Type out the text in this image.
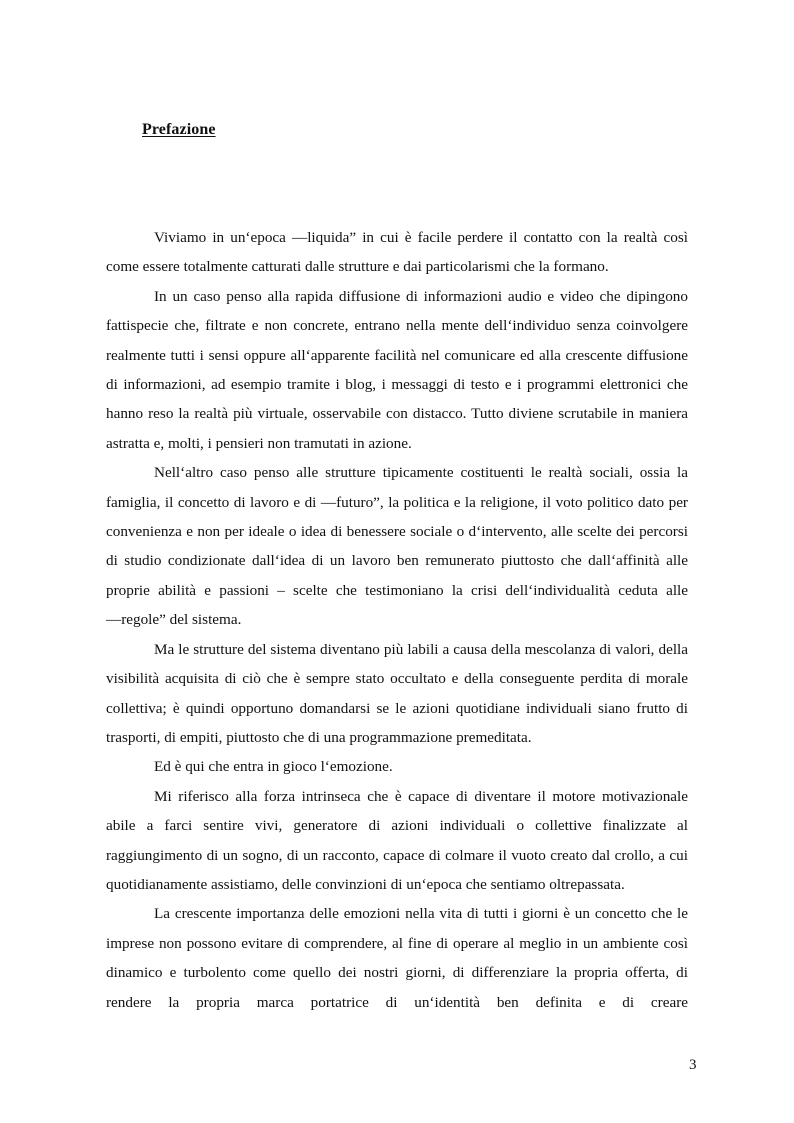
Prefazione

Viviamo in un‘epoca ―liquida” in cui è facile perdere il contatto con la realtà così come essere totalmente catturati dalle strutture e dai particolarismi che la formano.

In un caso penso alla rapida diffusione di informazioni audio e video che dipingono fattispecie che, filtrate e non concrete, entrano nella mente dell‘individuo senza coinvolgere realmente tutti i sensi oppure all‘apparente facilità nel comunicare ed alla crescente diffusione di informazioni, ad esempio tramite i blog, i messaggi di testo e i programmi elettronici che hanno reso la realtà più virtuale, osservabile con distacco. Tutto diviene scrutabile in maniera astratta e, molti, i pensieri non tramutati in azione.

Nell‘altro caso penso alle strutture tipicamente costituenti le realtà sociali, ossia la famiglia, il concetto di lavoro e di ―futuro”, la politica e la religione, il voto politico dato per convenienza e non per ideale o idea di benessere sociale o d‘intervento, alle scelte dei percorsi di studio condizionate dall‘idea di un lavoro ben remunerato piuttosto che dall‘affinità alle proprie abilità e passioni – scelte che testimoniano la crisi dell‘individualità ceduta alle ―regole” del sistema.

Ma le strutture del sistema diventano più labili a causa della mescolanza di valori, della visibilità acquisita di ciò che è sempre stato occultato e della conseguente perdita di morale collettiva; è quindi opportuno domandarsi se le azioni quotidiane individuali siano frutto di trasporti, di empiti, piuttosto che di una programmazione premeditata.

Ed è qui che entra in gioco l‘emozione.

Mi riferisco alla forza intrinseca che è capace di diventare il motore motivazionale abile a farci sentire vivi, generatore di azioni individuali o collettive finalizzate al raggiungimento di un sogno, di un racconto, capace di colmare il vuoto creato dal crollo, a cui quotidianamente assistiamo, delle convinzioni di un‘epoca che sentiamo oltrepassata.

La crescente importanza delle emozioni nella vita di tutti i giorni è un concetto che le imprese non possono evitare di comprendere, al fine di operare al meglio in un ambiente così dinamico e turbolento come quello dei nostri giorni, di differenziare la propria offerta, di rendere la propria marca portatrice di un‘identità ben definita e di creare

3
